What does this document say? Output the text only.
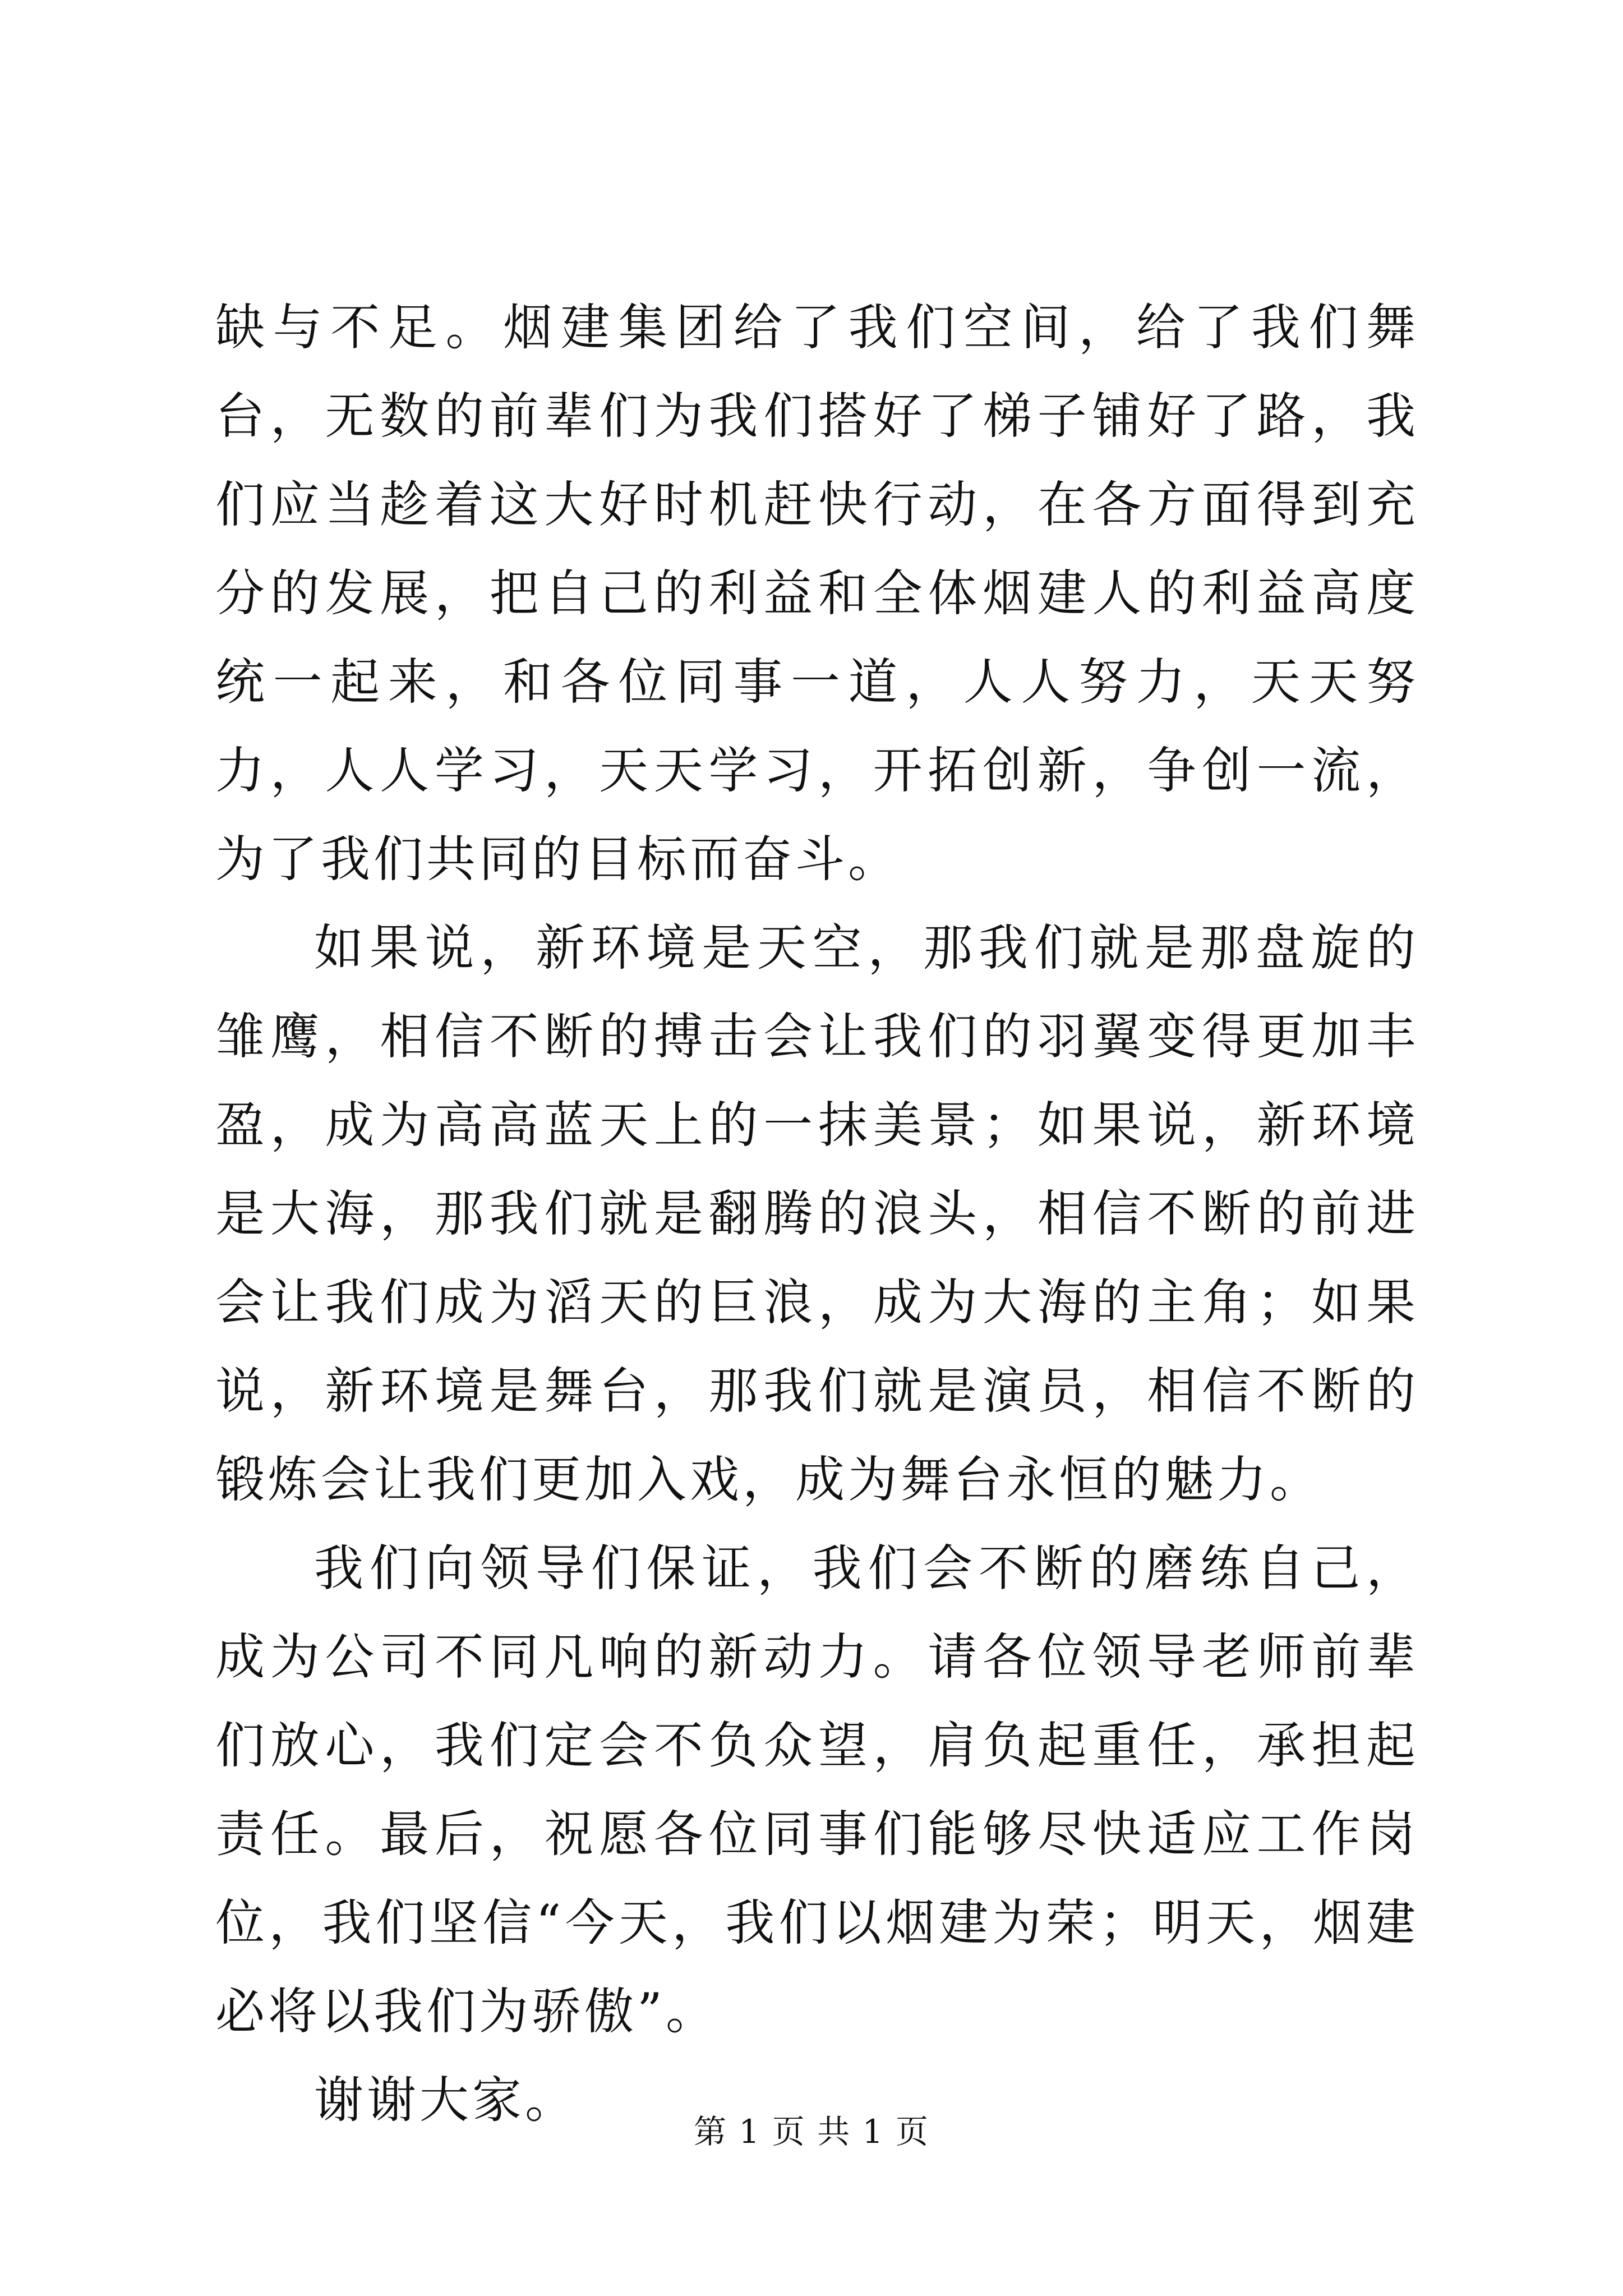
缺与不足。烟建集团给了我们空间，给了我们舞台，无数的前辈们为我们搭好了梯子铺好了路，我们应当趁着这大好时机赶快行动，在各方面得到充分的发展，把自己的利益和全体烟建人的利益高度统一起来，和各位同事一道，人人努力，天天努力，人人学习，天天学习，开拓创新，争创一流，为了我们共同的目标而奋斗。

如果说，新环境是天空，那我们就是那盘旋的雏鹰，相信不断的搏击会让我们的羽翼变得更加丰盈，成为高高蓝天上的一抹美景；如果说，新环境是大海，那我们就是翻腾的浪头，相信不断的前进会让我们成为滔天的巨浪，成为大海的主角；如果说，新环境是舞台，那我们就是演员，相信不断的锻炼会让我们更加入戏，成为舞台永恒的魅力。

我们向领导们保证，我们会不断的磨练自己，成为公司不同凡响的新动力。请各位领导老师前辈们放心，我们定会不负众望，肩负起重任，承担起责任。最后，祝愿各位同事们能够尽快适应工作岗位，我们坚信“今天，我们以烟建为荣；明天，烟建必将以我们为骄傲”。

谢谢大家。

第 1 页 共 1 页
